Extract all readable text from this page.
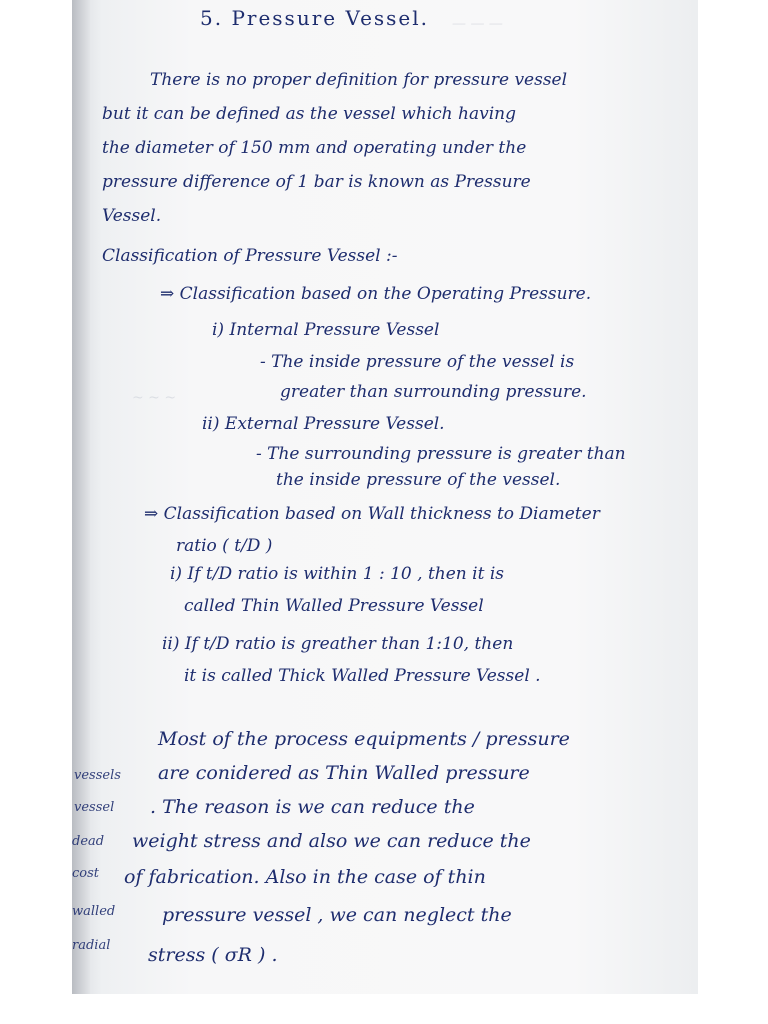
— — —
~ ~ ~
5. Pressure Vessel.
There is no proper definition for pressure vessel
but it can be defined as the vessel which having
the diameter of 150 mm and operating under the
pressure difference of 1 bar is known as Pressure
Vessel.
Classification of Pressure Vessel :-
⇒ Classification based on the Operating Pressure.
i) Internal Pressure Vessel
- The inside pressure of the vessel is
greater than surrounding pressure.
ii) External Pressure Vessel.
- The surrounding pressure is greater than
the inside pressure of the vessel.
⇒ Classification based on Wall thickness to Diameter
ratio ( t/D )
i) If t/D ratio is within 1 : 10 , then it is
called Thin Walled Pressure Vessel
ii) If t/D ratio is greather than 1:10, then
it is called Thick Walled Pressure Vessel .
Most of the process equipments / pressure
are conidered as Thin Walled pressure
. The reason is we can reduce the
weight stress and also we can reduce the
of fabrication. Also in the case of thin
pressure vessel , we can neglect the
stress ( σR ) .
vessels
vessel
dead
cost
walled
radial
